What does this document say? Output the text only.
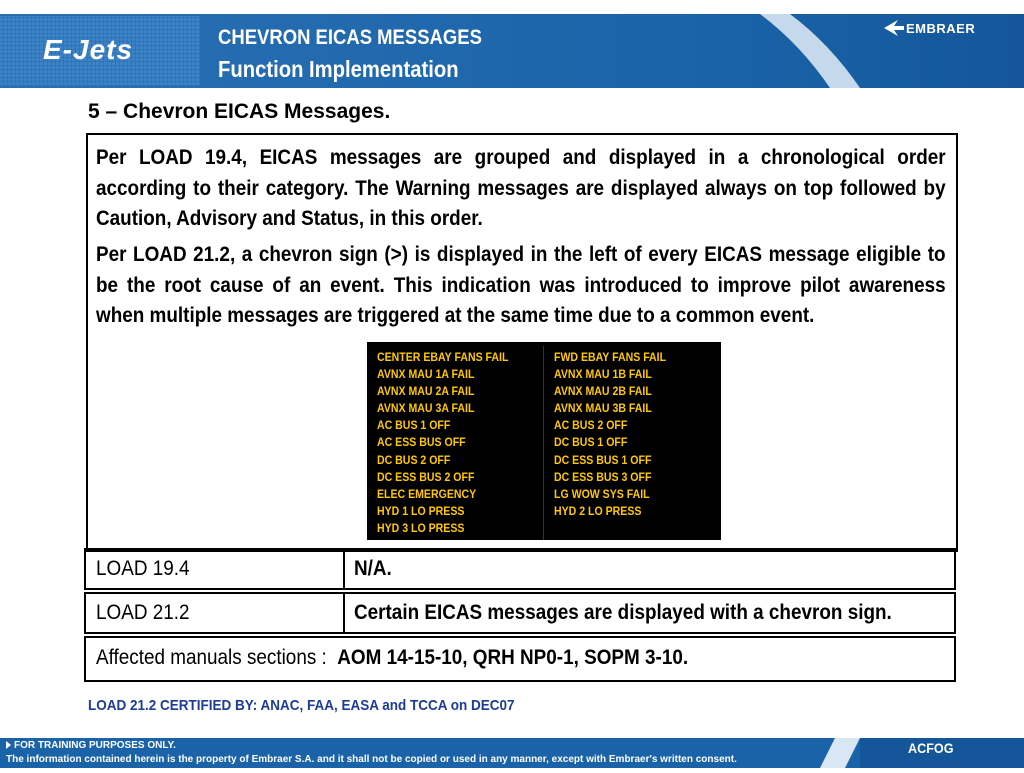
E-Jets	CHEVRON EICAS MESSAGES
Function Implementation
EMBRAER
5 – Chevron EICAS Messages.
Per LOAD 19.4, EICAS messages are grouped and displayed in a chronological order according to their category. The Warning messages are displayed always on top followed by Caution, Advisory and Status, in this order.
Per LOAD 21.2, a chevron sign (>) is displayed in the left of every EICAS message eligible to be the root cause of an event. This indication was introduced to improve pilot awareness when multiple messages are triggered at the same time due to a common event.
CENTER EBAY FANS FAIL
AVNX MAU 1A FAIL
AVNX MAU 2A FAIL
AVNX MAU 3A FAIL
AC BUS 1 OFF
AC ESS BUS OFF
DC BUS 2 OFF
DC ESS BUS 2 OFF
ELEC EMERGENCY
HYD 1 LO PRESS
HYD 3 LO PRESS
FWD EBAY FANS FAIL
AVNX MAU 1B FAIL
AVNX MAU 2B FAIL
AVNX MAU 3B FAIL
AC BUS 2 OFF
DC BUS 1 OFF
DC ESS BUS 1 OFF
DC ESS BUS 3 OFF
LG WOW SYS FAIL
HYD 2 LO PRESS
LOAD 19.4	N/A.
LOAD 21.2	Certain EICAS messages are displayed with a chevron sign.
Affected manuals sections : AOM 14-15-10, QRH NP0-1, SOPM 3-10.
LOAD 21.2 CERTIFIED BY: ANAC, FAA, EASA and TCCA on DEC07
FOR TRAINING PURPOSES ONLY.
The information contained herein is the property of Embraer S.A. and it shall not be copied or used in any manner, except with Embraer's written consent.
ACFOG
